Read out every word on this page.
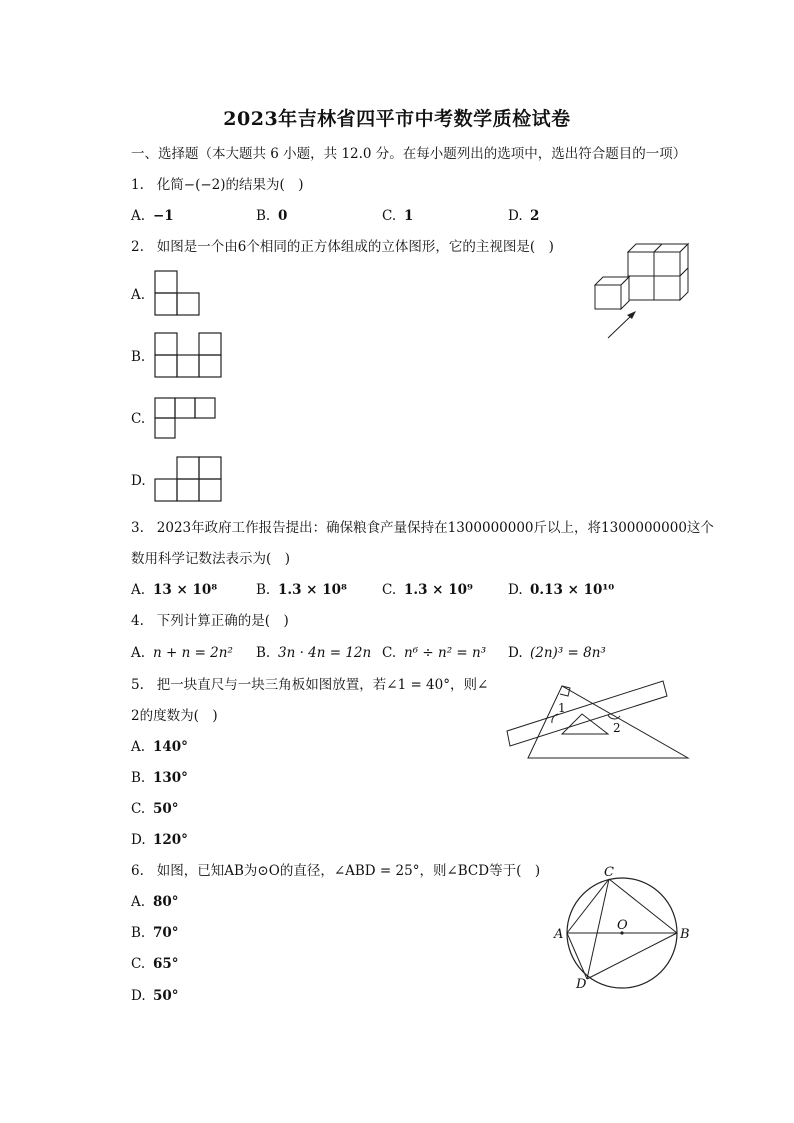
2023年吉林省四平市中考数学质检试卷
一、选择题（本大题共 6 小题，共 12.0 分。在每小题列出的选项中，选出符合题目的一项）
1. 化简−(−2)的结果为(　)
A. −1	B. 0	C. 1	D. 2
2. 如图是一个由6个相同的正方体组成的立体图形，它的主视图是(　)
A.
B.
C.
D.
3. 2023年政府工作报告提出：确保粮食产量保持在1300000000斤以上，将1300000000这个
数用科学记数法表示为(　)
A. 13 × 10⁸	B. 1.3 × 10⁸	C. 1.3 × 10⁹	D. 0.13 × 10¹⁰
4. 下列计算正确的是(　)
A. n + n = 2n² B. 3n · 4n = 12n C. n⁶ ÷ n² = n³ D. (2n)³ = 8n³
5. 把一块直尺与一块三角板如图放置，若∠1 = 40°，则∠
2的度数为(　)
A. 140°
B. 130°
C. 50°
D. 120°
1
2
6. 如图，已知AB为⊙O的直径，∠ABD = 25°，则∠BCD等于(　)
A. 80°
B. 70°
C. 65°
D. 50°
C
O
A	B
D
